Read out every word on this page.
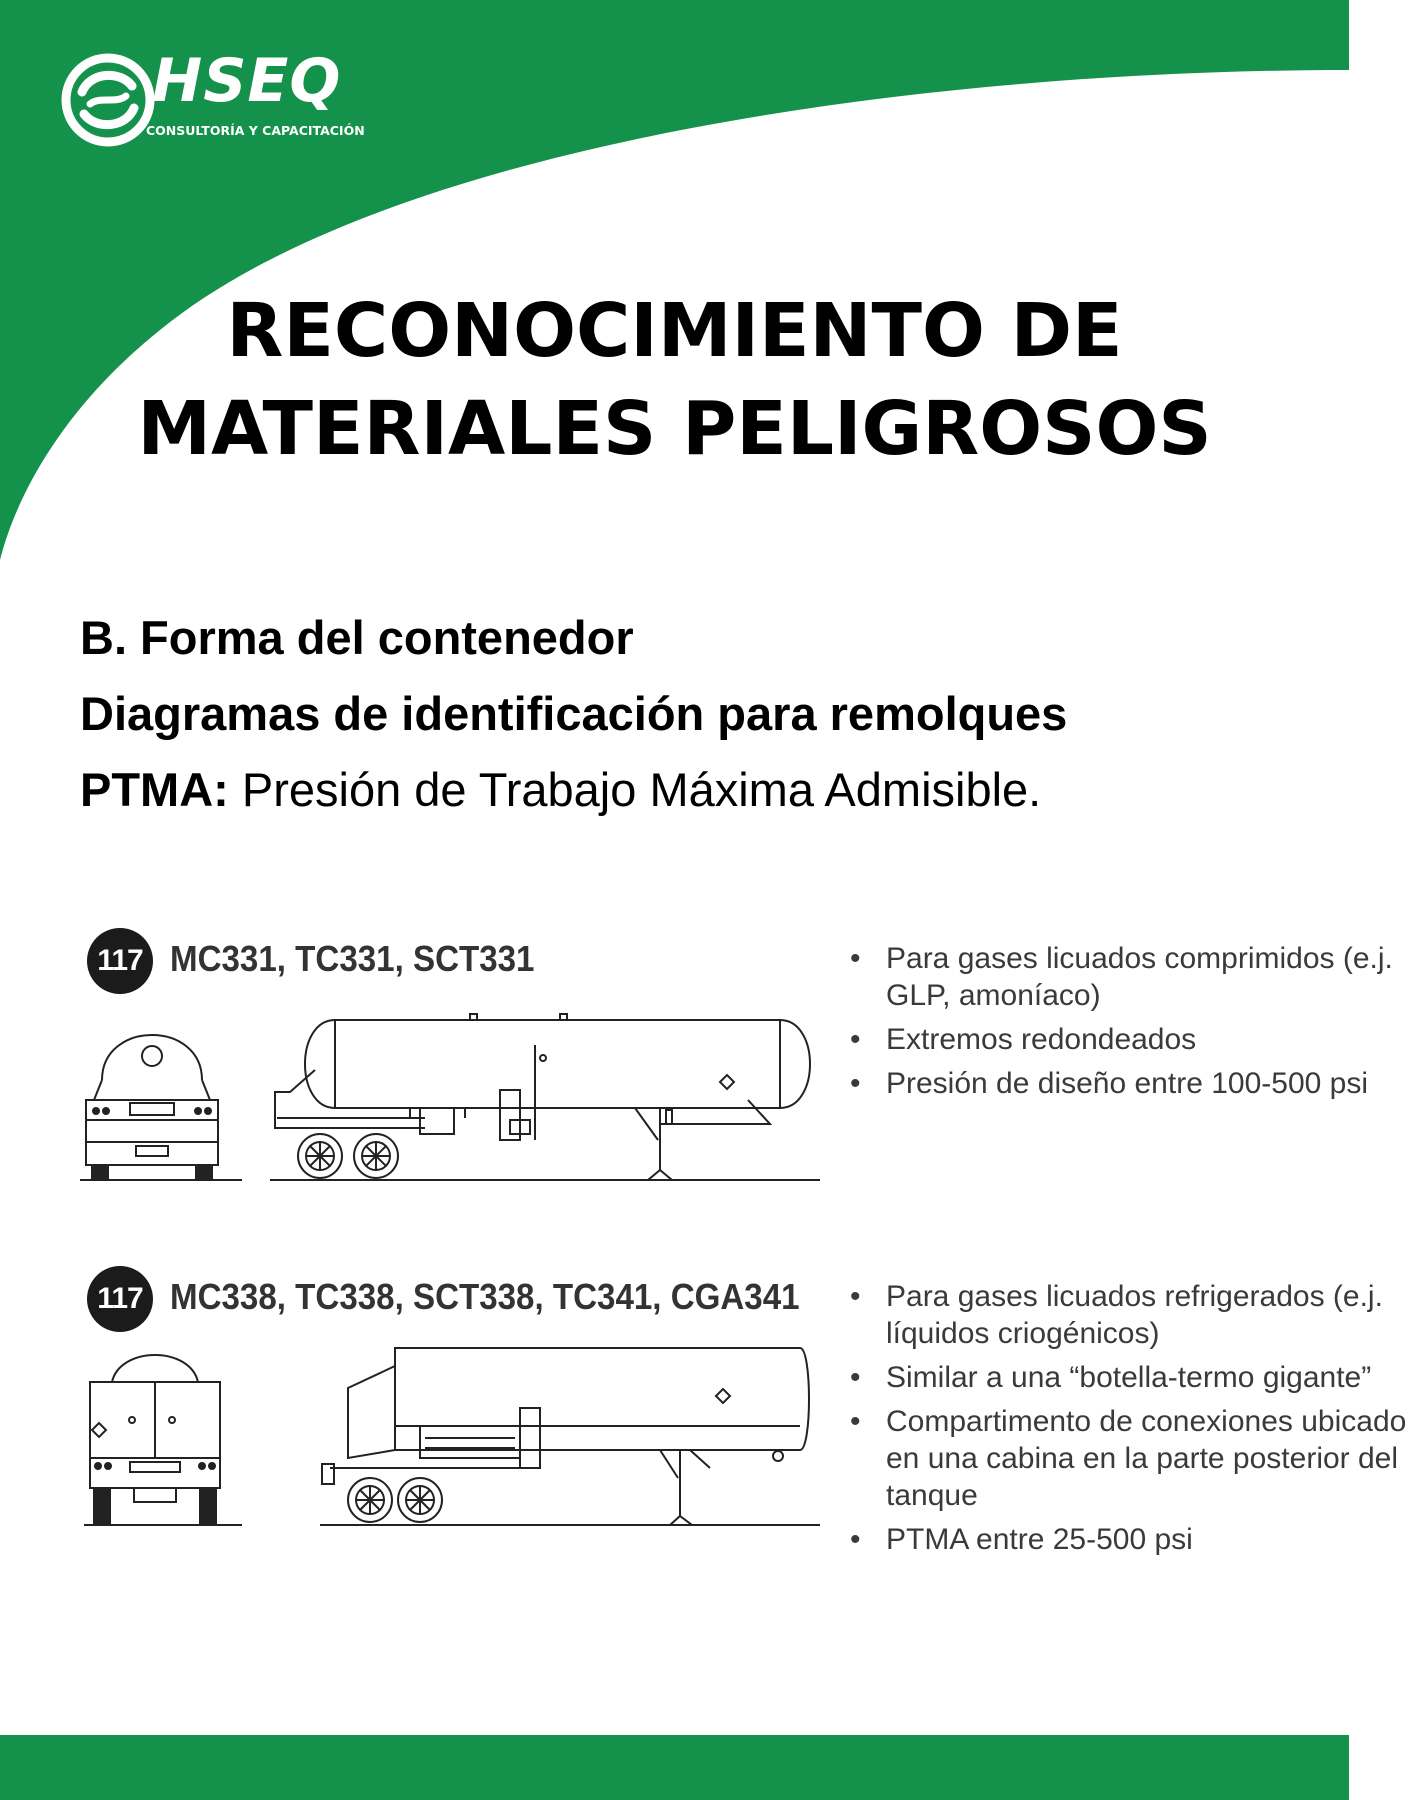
HSEQ
CONSULTORÍA Y CAPACITACIÓN
RECONOCIMIENTO DE
MATERIALES PELIGROSOS
B. Forma del contenedor
Diagramas de identificación para remolques
PTMA: Presión de Trabajo Máxima Admisible.
117 MC331, TC331, SCT331	• Para gases licuados comprimidos (e.j. GLP, amoníaco)
• Extremos redondeados
• Presión de diseño entre 100-500 psi
117 MC338, TC338, SCT338, TC341, CGA341	• Para gases licuados refrigerados (e.j. líquidos criogénicos)
• Similar a una “botella-termo gigante”
• Compartimento de conexiones ubicado en una cabina en la parte posterior del tanque
• PTMA entre 25-500 psi
